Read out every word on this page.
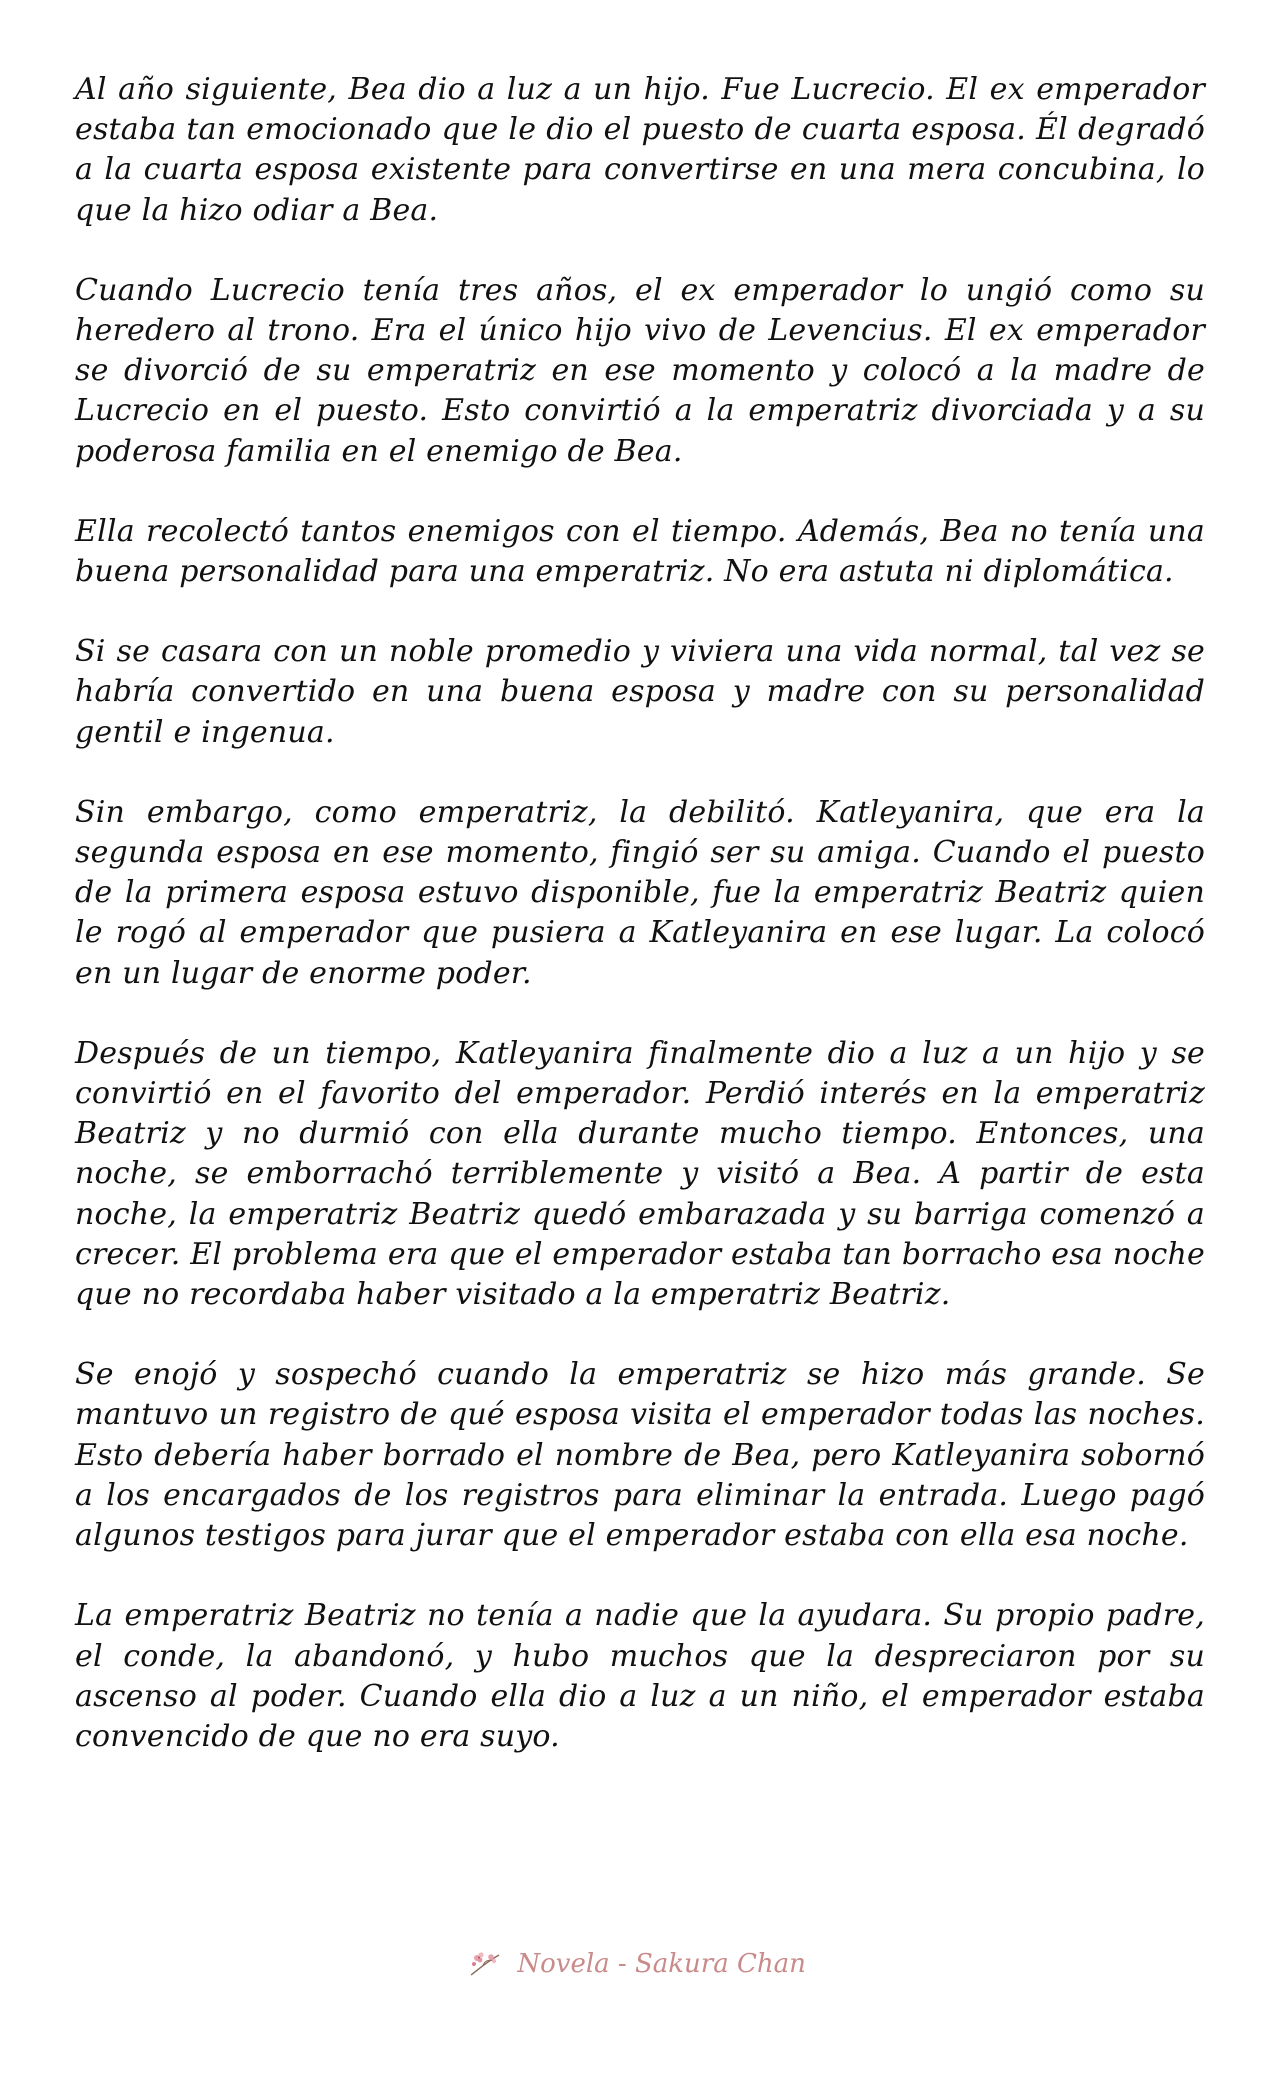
Al año siguiente, Bea dio a luz a un hijo. Fue Lucrecio. El ex emperador estaba tan emocionado que le dio el puesto de cuarta esposa. Él degradó a la cuarta esposa existente para convertirse en una mera concubina, lo que la hizo odiar a Bea.

Cuando Lucrecio tenía tres años, el ex emperador lo ungió como su heredero al trono. Era el único hijo vivo de Levencius. El ex emperador se divorció de su emperatriz en ese momento y colocó a la madre de Lucrecio en el puesto. Esto convirtió a la emperatriz divorciada y a su poderosa familia en el enemigo de Bea.

Ella recolectó tantos enemigos con el tiempo. Además, Bea no tenía una buena personalidad para una emperatriz. No era astuta ni diplomática.

Si se casara con un noble promedio y viviera una vida normal, tal vez se habría convertido en una buena esposa y madre con su personalidad gentil e ingenua.

Sin embargo, como emperatriz, la debilitó. Katleyanira, que era la segunda esposa en ese momento, fingió ser su amiga. Cuando el puesto de la primera esposa estuvo disponible, fue la emperatriz Beatriz quien le rogó al emperador que pusiera a Katleyanira en ese lugar. La colocó en un lugar de enorme poder.

Después de un tiempo, Katleyanira finalmente dio a luz a un hijo y se convirtió en el favorito del emperador. Perdió interés en la emperatriz Beatriz y no durmió con ella durante mucho tiempo. Entonces, una noche, se emborrachó terriblemente y visitó a Bea. A partir de esta noche, la emperatriz Beatriz quedó embarazada y su barriga comenzó a crecer. El problema era que el emperador estaba tan borracho esa noche que no recordaba haber visitado a la emperatriz Beatriz.

Se enojó y sospechó cuando la emperatriz se hizo más grande. Se mantuvo un registro de qué esposa visita el emperador todas las noches. Esto debería haber borrado el nombre de Bea, pero Katleyanira sobornó a los encargados de los registros para eliminar la entrada. Luego pagó algunos testigos para jurar que el emperador estaba con ella esa noche.

La emperatriz Beatriz no tenía a nadie que la ayudara. Su propio padre, el conde, la abandonó, y hubo muchos que la despreciaron por su ascenso al poder. Cuando ella dio a luz a un niño, el emperador estaba convencido de que no era suyo.

Novela - Sakura Chan
